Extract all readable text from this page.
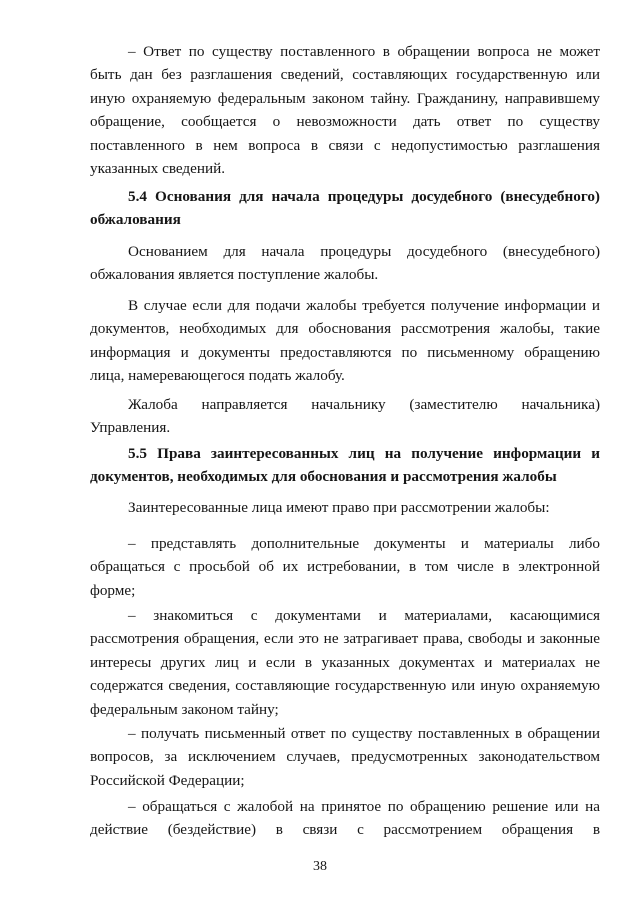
– Ответ по существу поставленного в обращении вопроса не может быть дан без разглашения сведений, составляющих государственную или иную охраняемую федеральным законом тайну. Гражданину, направившему обращение, сообщается о невозможности дать ответ по существу поставленного в нем вопроса в связи с недопустимостью разглашения указанных сведений.

5.4 Основания для начала процедуры досудебного (внесудебного) обжалования

Основанием для начала процедуры досудебного (внесудебного) обжалования является поступление жалобы.

В случае если для подачи жалобы требуется получение информации и документов, необходимых для обоснования рассмотрения жалобы, такие информация и документы предоставляются по письменному обращению лица, намеревающегося подать жалобу.

Жалоба направляется начальнику (заместителю начальника) Управления.

5.5 Права заинтересованных лиц на получение информации и документов, необходимых для обоснования и рассмотрения жалобы

Заинтересованные лица имеют право при рассмотрении жалобы:

– представлять дополнительные документы и материалы либо обращаться с просьбой об их истребовании, в том числе в электронной форме;

– знакомиться с документами и материалами, касающимися рассмотрения обращения, если это не затрагивает права, свободы и законные интересы других лиц и если в указанных документах и материалах не содержатся сведения, составляющие государственную или иную охраняемую федеральным законом тайну;

– получать письменный ответ по существу поставленных в обращении вопросов, за исключением случаев, предусмотренных законодательством Российской Федерации;

– обращаться с жалобой на принятое по обращению решение или на действие (бездействие) в связи с рассмотрением обращения в

38
